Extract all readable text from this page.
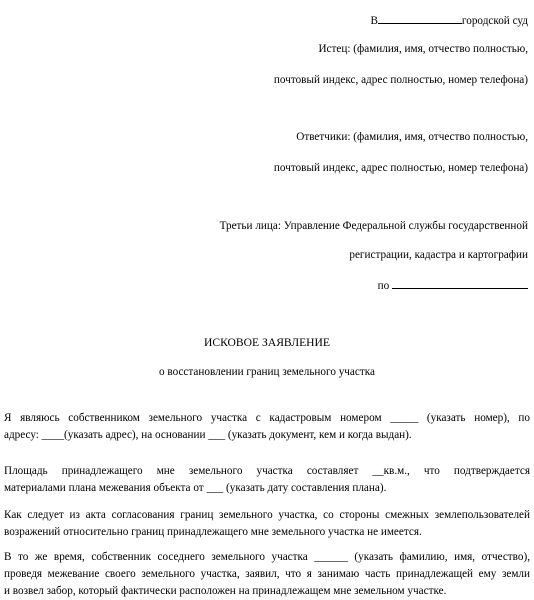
В	городской суд
Истец: (фамилия, имя, отчество полностью,
почтовый индекс, адрес полностью, номер телефона)
Ответчики: (фамилия, имя, отчество полностью,
почтовый индекс, адрес полностью, номер телефона)
Третьи лица: Управление Федеральной службы государственной
регистрации, кадастра и картографии
по
ИСКОВОЕ ЗАЯВЛЕНИЕ
о восстановлении границ земельного участка
Я являюсь собственником земельного участка с кадастровым номером _____ (указать номер), по
адресу: ____(указать адрес), на основании ___ (указать документ, кем и когда выдан).
Площадь принадлежащего мне земельного участка составляет __кв.м., что подтверждается
материалами плана межевания объекта от ___ (указать дату составления плана).
Как следует из акта согласования границ земельного участка, со стороны смежных землепользователей
возражений относительно границ принадлежащего мне земельного участка не имеется.
В то же время, собственник соседнего земельного участка ______ (указать фамилию, имя, отчество),
проведя межевание своего земельного участка, заявил, что я занимаю часть принадлежащей ему земли
и возвел забор, который фактически расположен на принадлежащем мне земельном участке.
